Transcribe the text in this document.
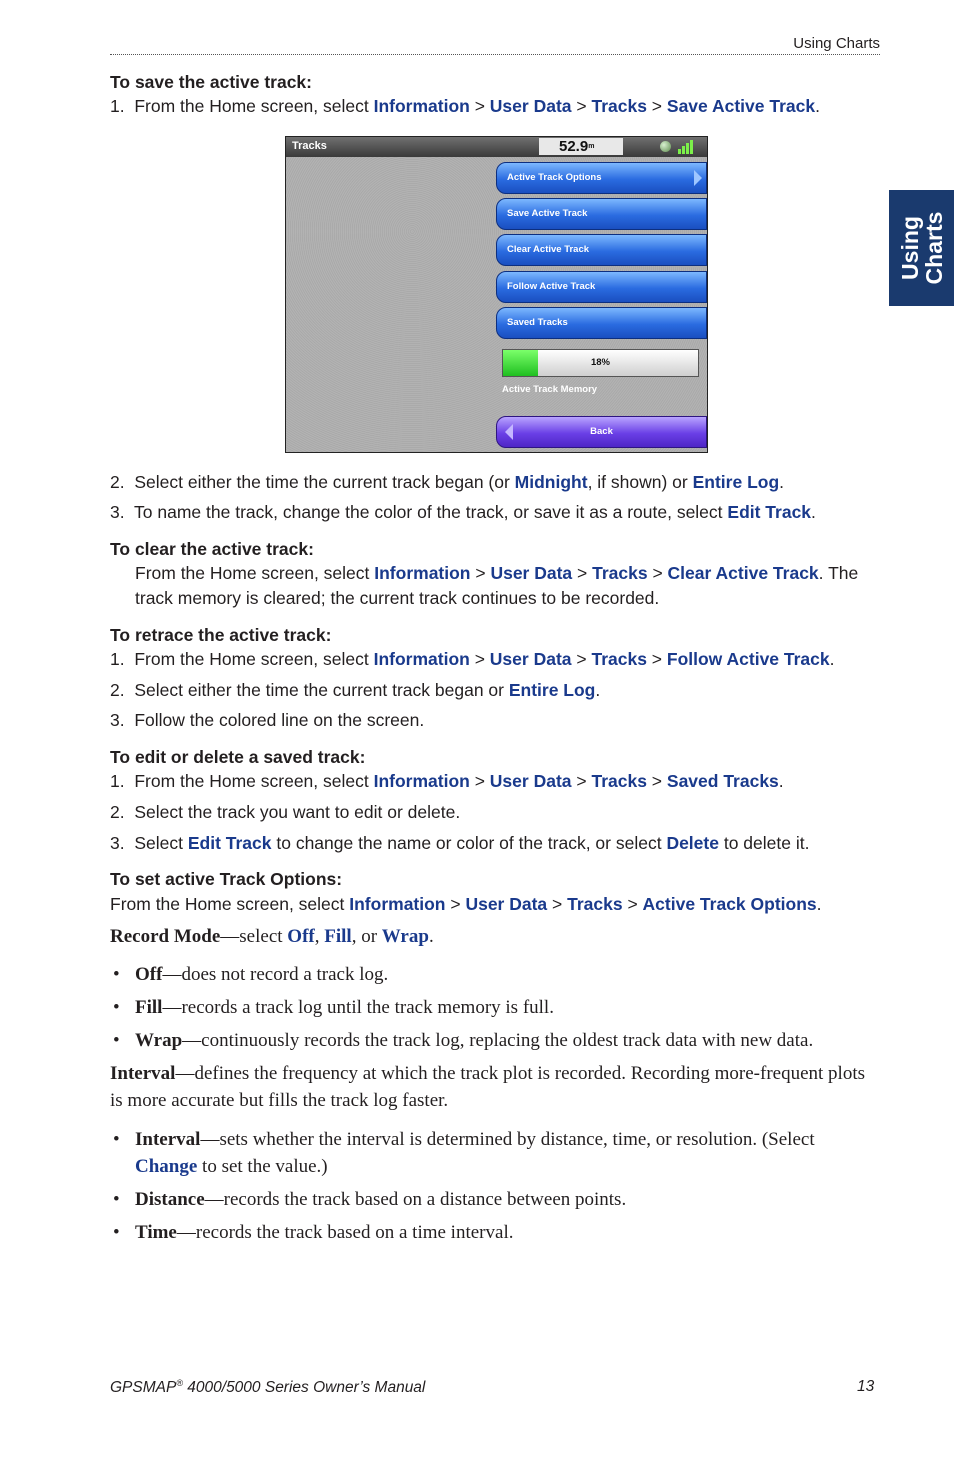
Using Charts
Using
Charts
To save the active track:
1. From the Home screen, select Information > User Data > Tracks > Save Active Track.
Tracks	52.9$^m$
Active Track Options
Save Active Track
Clear Active Track
Follow Active Track
Saved Tracks
18%
Active Track Memory
Back
2. Select either the time the current track began (or Midnight, if shown) or Entire Log.
3. To name the track, change the color of the track, or save it as a route, select Edit Track.
To clear the active track:
From the Home screen, select Information > User Data > Tracks > Clear Active Track. The
track memory is cleared; the current track continues to be recorded.
To retrace the active track:
1. From the Home screen, select Information > User Data > Tracks > Follow Active Track.
2. Select either the time the current track began or Entire Log.
3. Follow the colored line on the screen.
To edit or delete a saved track:
1. From the Home screen, select Information > User Data > Tracks > Saved Tracks.
2. Select the track you want to edit or delete.
3. Select Edit Track to change the name or color of the track, or select Delete to delete it.
To set active Track Options:
From the Home screen, select Information > User Data > Tracks > Active Track Options.
Record Mode—select Off, Fill, or Wrap.
• Off—does not record a track log.
• Fill—records a track log until the track memory is full.
• Wrap—continuously records the track log, replacing the oldest track data with new data.
Interval—defines the frequency at which the track plot is recorded. Recording more-frequent plots
is more accurate but fills the track log faster.
• Interval—sets whether the interval is determined by distance, time, or resolution. (Select
Change to set the value.)
• Distance—records the track based on a distance between points.
• Time—records the track based on a time interval.
GPSMAP® 4000/5000 Series Owner’s Manual	13
